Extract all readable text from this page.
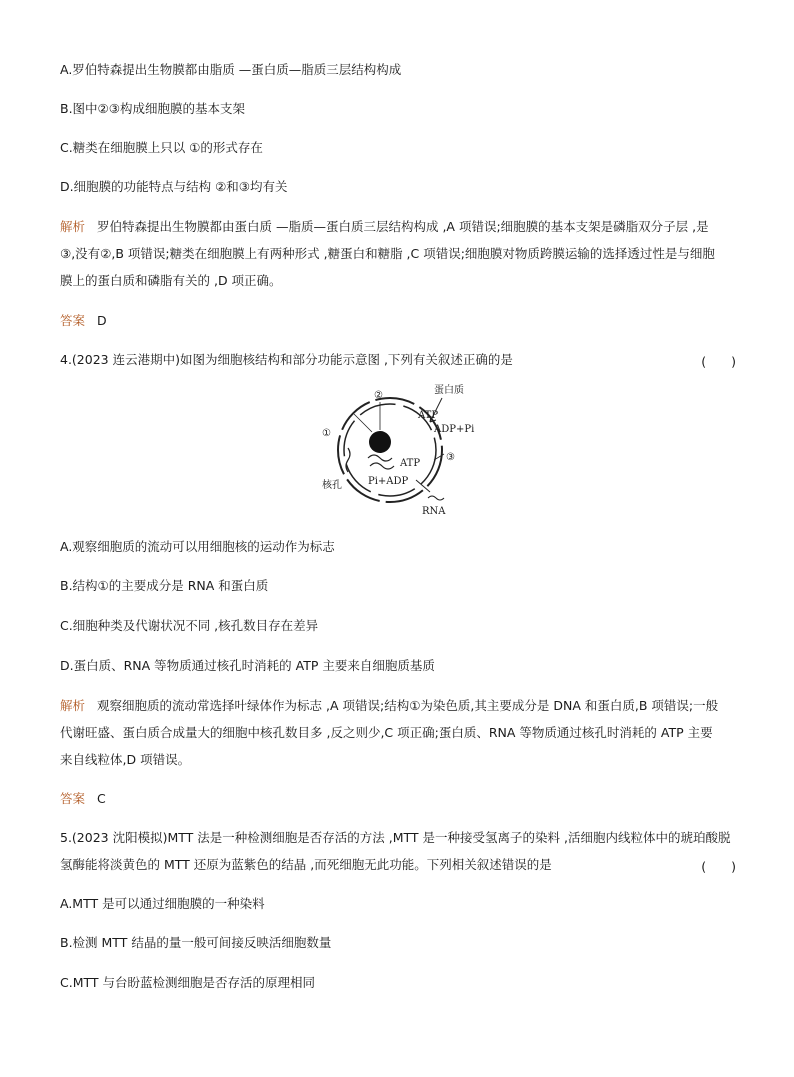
A.罗伯特森提出生物膜都由脂质 —蛋白质—脂质三层结构构成
B.图中②③构成细胞膜的基本支架
C.糖类在细胞膜上只以 ①的形式存在
D.细胞膜的功能特点与结构 ②和③均有关
解析 罗伯特森提出生物膜都由蛋白质 —脂质—蛋白质三层结构构成 ,A 项错误;细胞膜的基本支架是磷脂双分子层 ,是
③,没有②,B 项错误;糖类在细胞膜上有两种形式 ,糖蛋白和糖脂 ,C 项错误;细胞膜对物质跨膜运输的选择透过性是与细胞
膜上的蛋白质和磷脂有关的 ,D 项正确。
答案 D
4.(2023 连云港期中)如图为细胞核结构和部分功能示意图 ,下列有关叙述正确的是	(　　)
蛋白质
ATP
ADP+Pi
ATP
Pi+ADP
核孔
RNA
①
②
③
A.观察细胞质的流动可以用细胞核的运动作为标志
B.结构①的主要成分是 RNA 和蛋白质
C.细胞种类及代谢状况不同 ,核孔数目存在差异
D.蛋白质、RNA 等物质通过核孔时消耗的 ATP 主要来自细胞质基质
解析 观察细胞质的流动常选择叶绿体作为标志 ,A 项错误;结构①为染色质,其主要成分是 DNA 和蛋白质,B 项错误;一般
代谢旺盛、蛋白质合成量大的细胞中核孔数目多 ,反之则少,C 项正确;蛋白质、RNA 等物质通过核孔时消耗的 ATP 主要
来自线粒体,D 项错误。
答案 C
5.(2023 沈阳模拟)MTT 法是一种检测细胞是否存活的方法 ,MTT 是一种接受氢离子的染料 ,活细胞内线粒体中的琥珀酸脱
氢酶能将淡黄色的 MTT 还原为蓝紫色的结晶 ,而死细胞无此功能。下列相关叙述错误的是	(　　)
A.MTT 是可以通过细胞膜的一种染料
B.检测 MTT 结晶的量一般可间接反映活细胞数量
C.MTT 与台盼蓝检测细胞是否存活的原理相同
